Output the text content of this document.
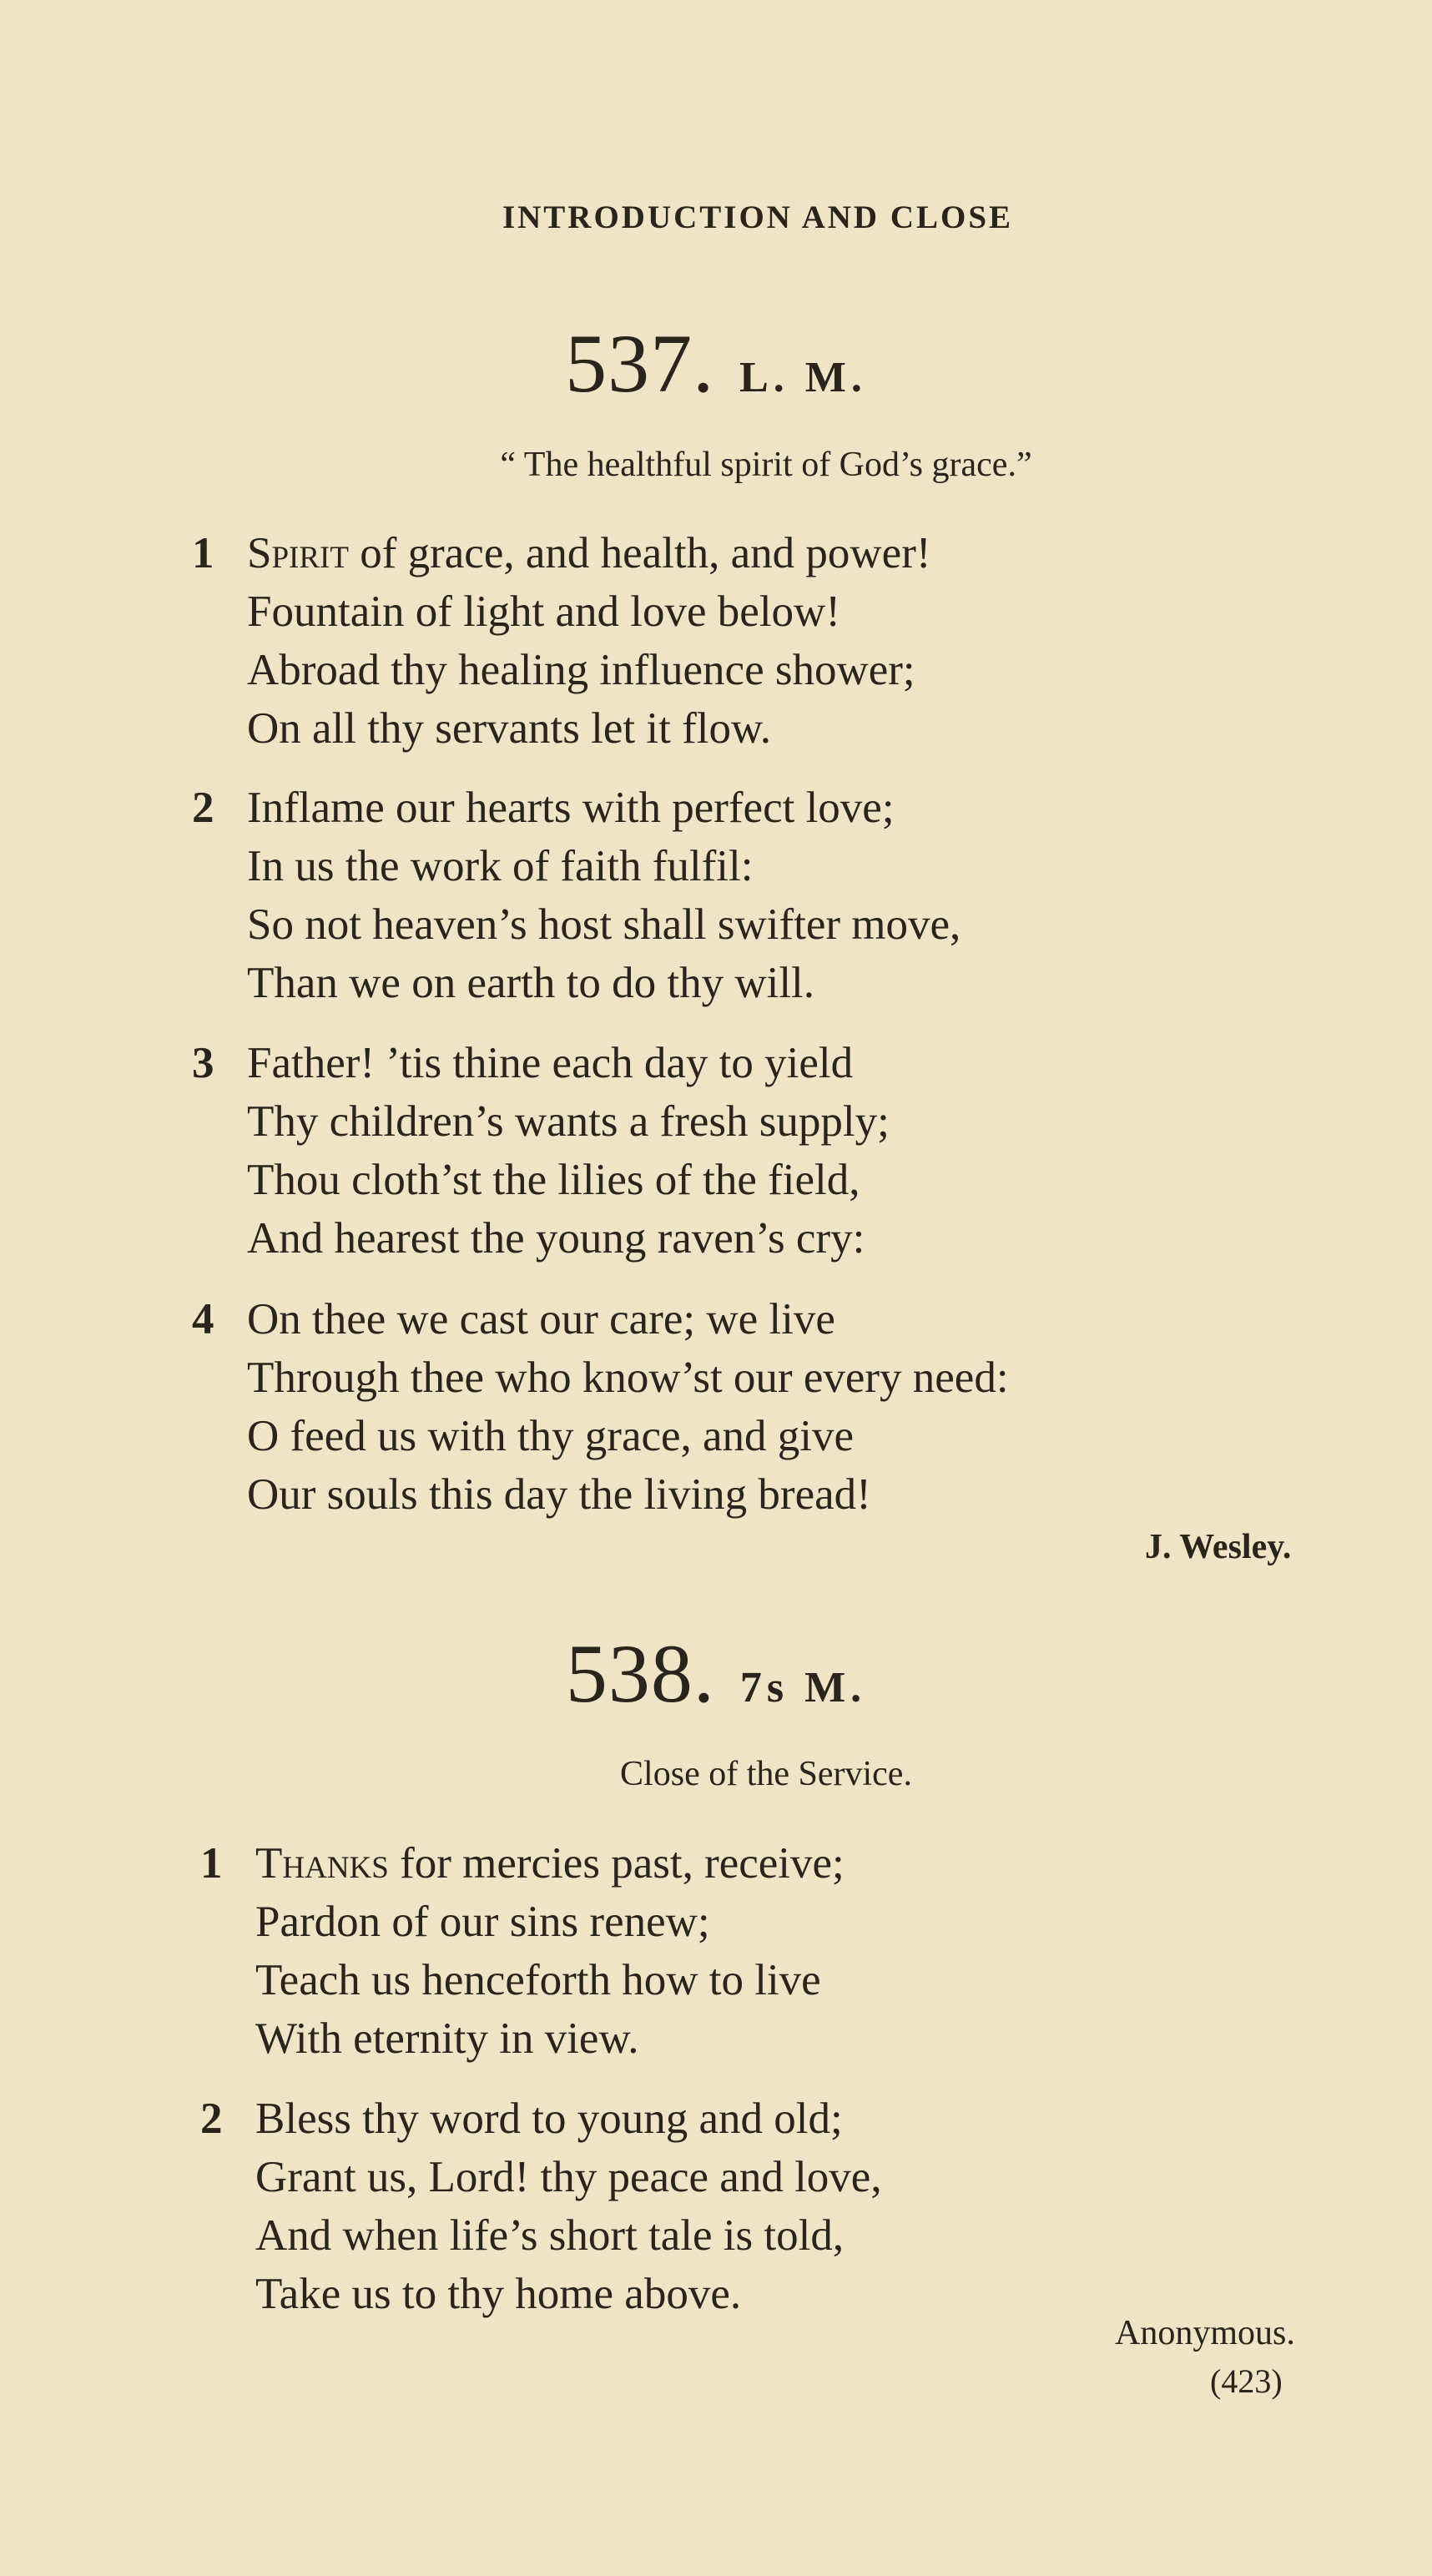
INTRODUCTION AND CLOSE
537. L. M.
“ The healthful spirit of God’s grace.”
1 Spirit of grace, and health, and power!
Fountain of light and love below!
Abroad thy healing influence shower;
On all thy servants let it flow.
2 Inflame our hearts with perfect love;
In us the work of faith fulfil:
So not heaven’s host shall swifter move,
Than we on earth to do thy will.
3 Father! ’tis thine each day to yield
Thy children’s wants a fresh supply;
Thou cloth’st the lilies of the field,
And hearest the young raven’s cry:
4 On thee we cast our care; we live
Through thee who know’st our every need:
O feed us with thy grace, and give
Our souls this day the living bread!
J. Wesley.
538. 7s M.
Close of the Service.
1 Thanks for mercies past, receive;
Pardon of our sins renew;
Teach us henceforth how to live
With eternity in view.
2 Bless thy word to young and old;
Grant us, Lord! thy peace and love,
And when life’s short tale is told,
Take us to thy home above.
Anonymous.
(423)
